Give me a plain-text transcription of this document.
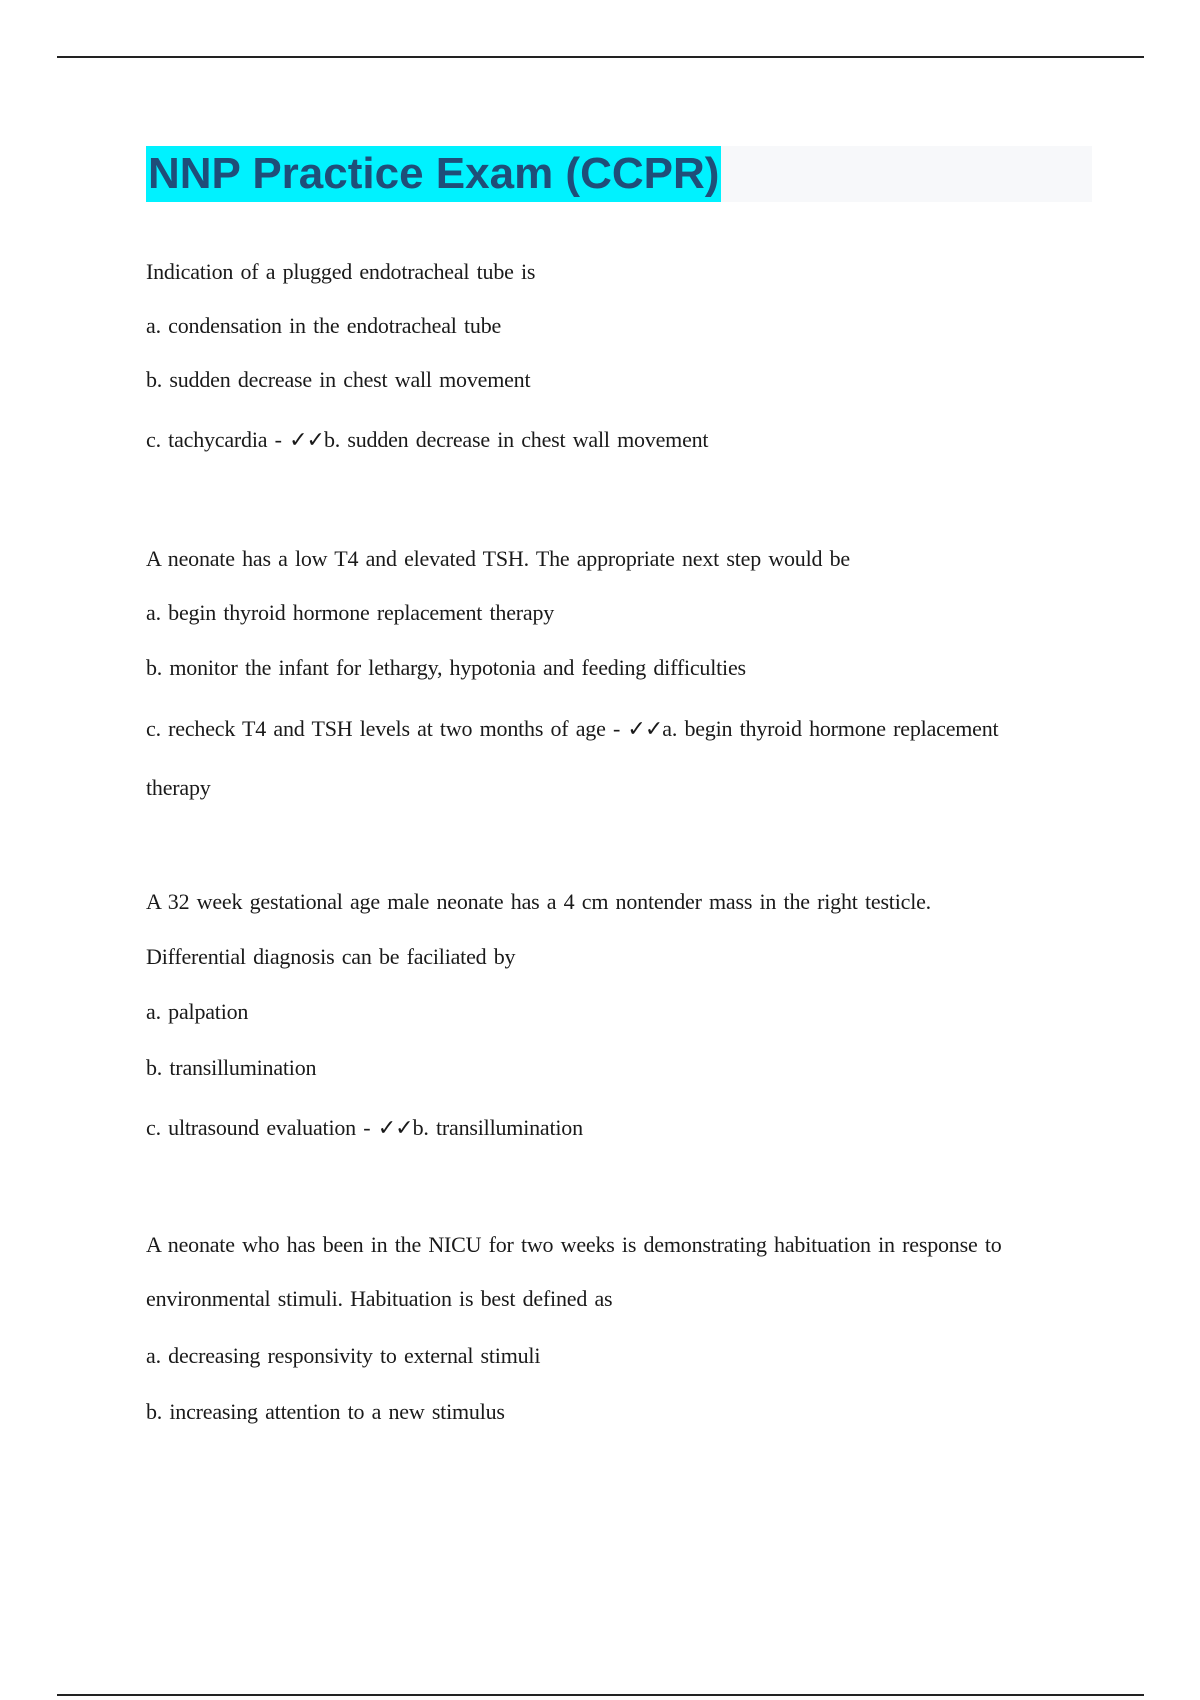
NNP Practice Exam (CCPR)
Indication of a plugged endotracheal tube is
a. condensation in the endotracheal tube
b. sudden decrease in chest wall movement
c. tachycardia - ✓✓b. sudden decrease in chest wall movement
A neonate has a low T4 and elevated TSH. The appropriate next step would be
a. begin thyroid hormone replacement therapy
b. monitor the infant for lethargy, hypotonia and feeding difficulties
c. recheck T4 and TSH levels at two months of age - ✓✓a. begin thyroid hormone replacement
therapy
A 32 week gestational age male neonate has a 4 cm nontender mass in the right testicle.
Differential diagnosis can be faciliated by
a. palpation
b. transillumination
c. ultrasound evaluation - ✓✓b. transillumination
A neonate who has been in the NICU for two weeks is demonstrating habituation in response to
environmental stimuli. Habituation is best defined as
a. decreasing responsivity to external stimuli
b. increasing attention to a new stimulus
